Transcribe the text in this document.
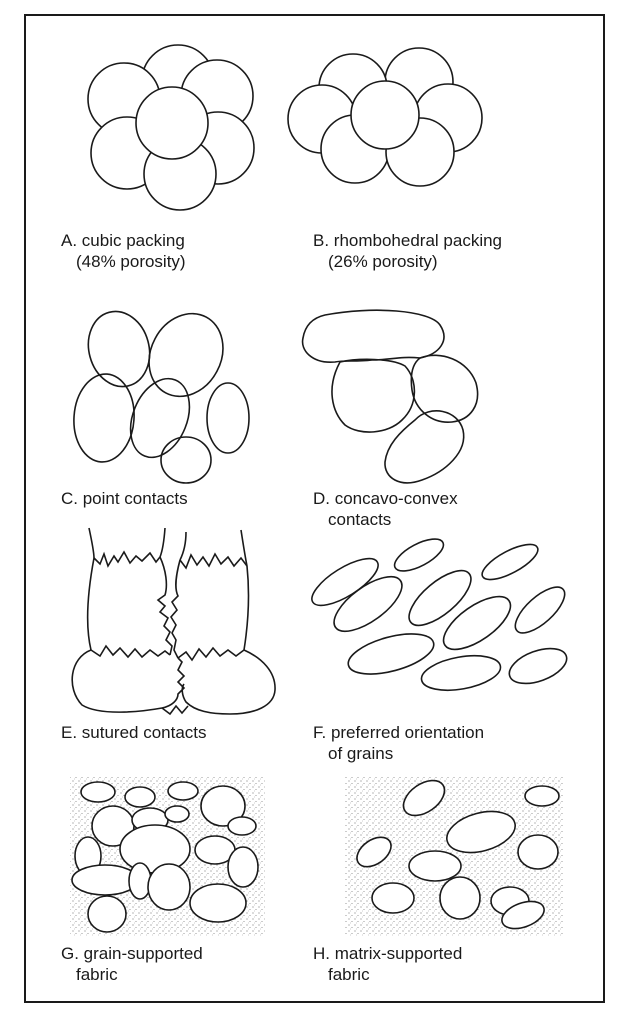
A. cubic packing
(48% porosity)
B. rhombohedral packing
(26% porosity)
C. point contacts	D. concavo-convex
contacts
E. sutured contacts	F. preferred orientation
of grains
G. grain-supported
fabric
H. matrix-supported
fabric
